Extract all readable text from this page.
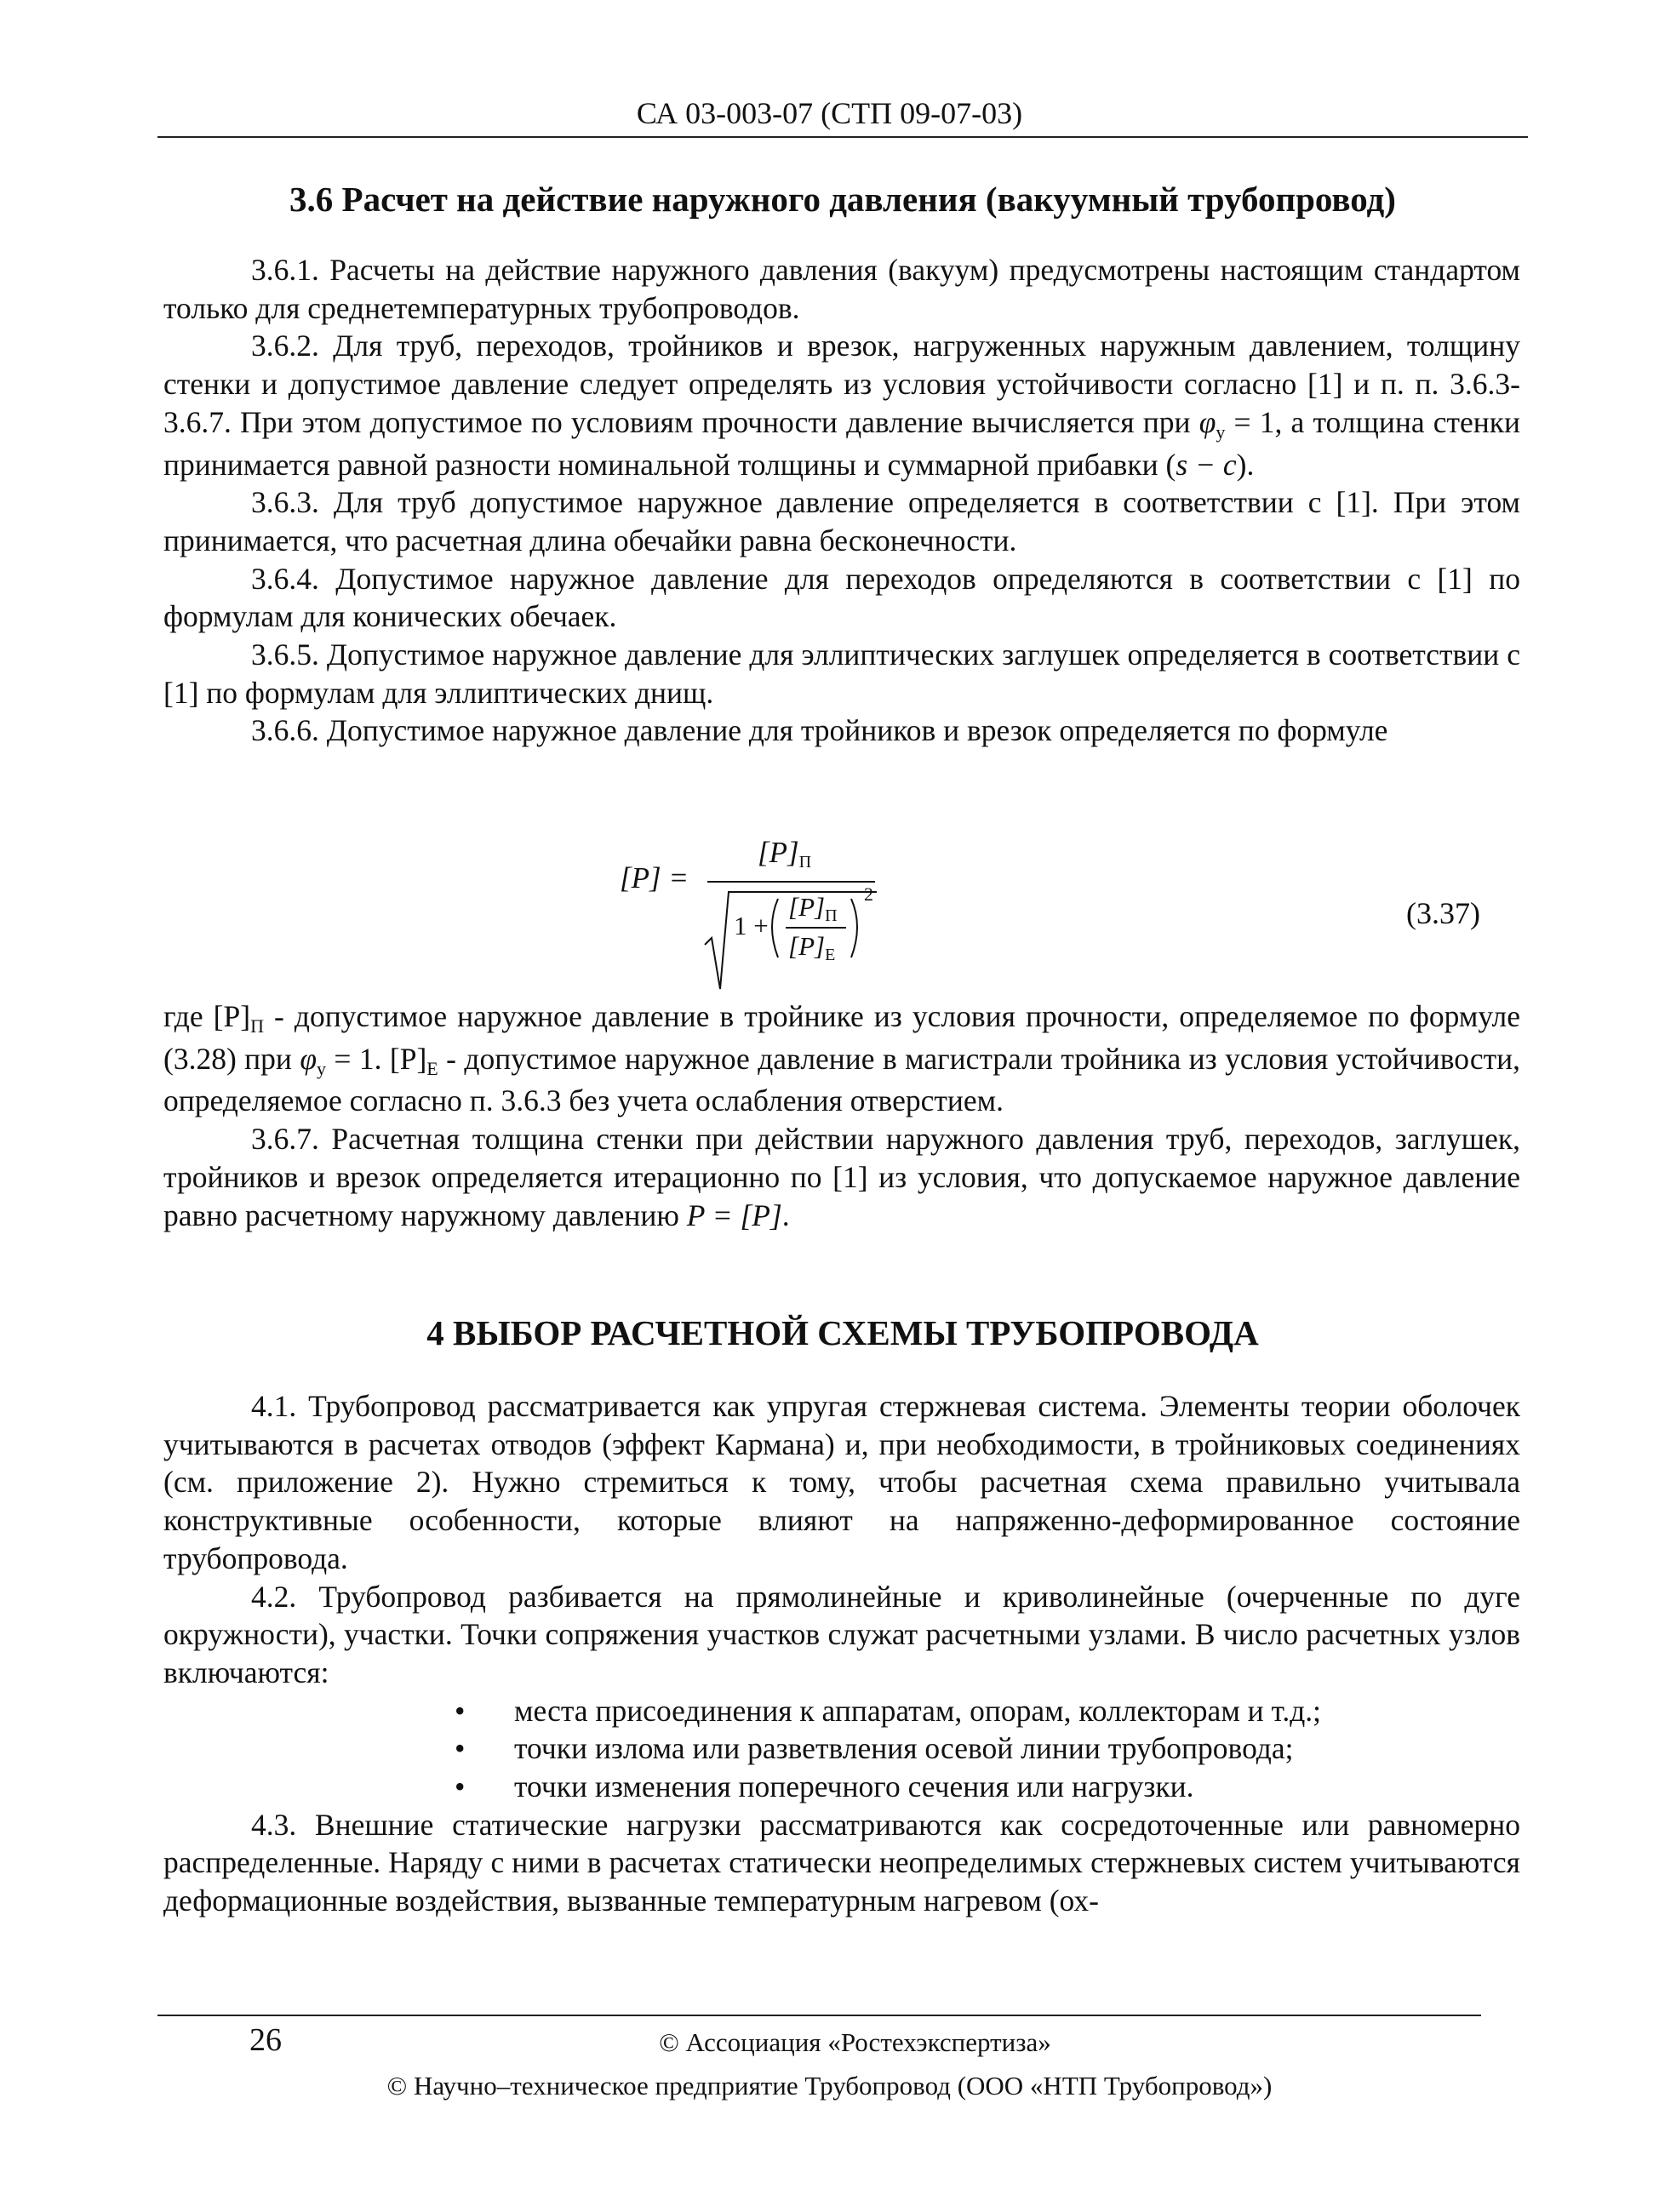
СА 03-003-07 (СТП 09-07-03)
3.6 Расчет на действие наружного давления (вакуумный трубопровод)

3.6.1. Расчеты на действие наружного давления (вакуум) предусмотрены настоящим стандартом только для среднетемпературных трубопроводов.

3.6.2. Для труб, переходов, тройников и врезок, нагруженных наружным давлением, толщину стенки и допустимое давление следует определять из условия устойчивости согласно [1] и п. п. 3.6.3-3.6.7. При этом допустимое по условиям прочности давление вычисляется при φу = 1, а толщина стенки принимается равной разности номинальной толщины и суммарной прибавки (s − c).

3.6.3. Для труб допустимое наружное давление определяется в соответствии с [1]. При этом принимается, что расчетная длина обечайки равна бесконечности.

3.6.4. Допустимое наружное давление для переходов определяются в соответствии с [1] по формулам для конических обечаек.

3.6.5. Допустимое наружное давление для эллиптических заглушек определяется в соответствии с [1] по формулам для эллиптических днищ.

3.6.6. Допустимое наружное давление для тройников и врезок определяется по формуле

[P] =
[P]П
1 +
[P]П
[P]E
2
(3.37)

где [P]П - допустимое наружное давление в тройнике из условия прочности, определяемое по формуле (3.28) при φу = 1. [P]Е - допустимое наружное давление в магистрали тройника из условия устойчивости, определяемое согласно п. 3.6.3 без учета ослабления отверстием.

3.6.7. Расчетная толщина стенки при действии наружного давления труб, переходов, заглушек, тройников и врезок определяется итерационно по [1] из условия, что допускаемое наружное давление равно расчетному наружному давлению P = [P].

4 ВЫБОР РАСЧЕТНОЙ СХЕМЫ ТРУБОПРОВОДА

4.1. Трубопровод рассматривается как упругая стержневая система. Элементы теории оболочек учитываются в расчетах отводов (эффект Кармана) и, при необходимости, в тройниковых соединениях (см. приложение 2). Нужно стремиться к тому, чтобы расчетная схема правильно учитывала конструктивные особенности, которые влияют на напряженно-деформированное состояние трубопровода.

4.2. Трубопровод разбивается на прямолинейные и криволинейные (очерченные по дуге окружности), участки. Точки сопряжения участков служат расчетными узлами. В число расчетных узлов включаются:

• места присоединения к аппаратам, опорам, коллекторам и т.д.;
• точки излома или разветвления осевой линии трубопровода;
• точки изменения поперечного сечения или нагрузки.

4.3. Внешние статические нагрузки рассматриваются как сосредоточенные или равномерно распределенные. Наряду с ними в расчетах статически неопределимых стержневых систем учитываются деформационные воздействия, вызванные температурным нагревом (ох-

26	© Ассоциация «Ростехэкспертиза»
© Научно–техническое предприятие Трубопровод (ООО «НТП Трубопровод»)
